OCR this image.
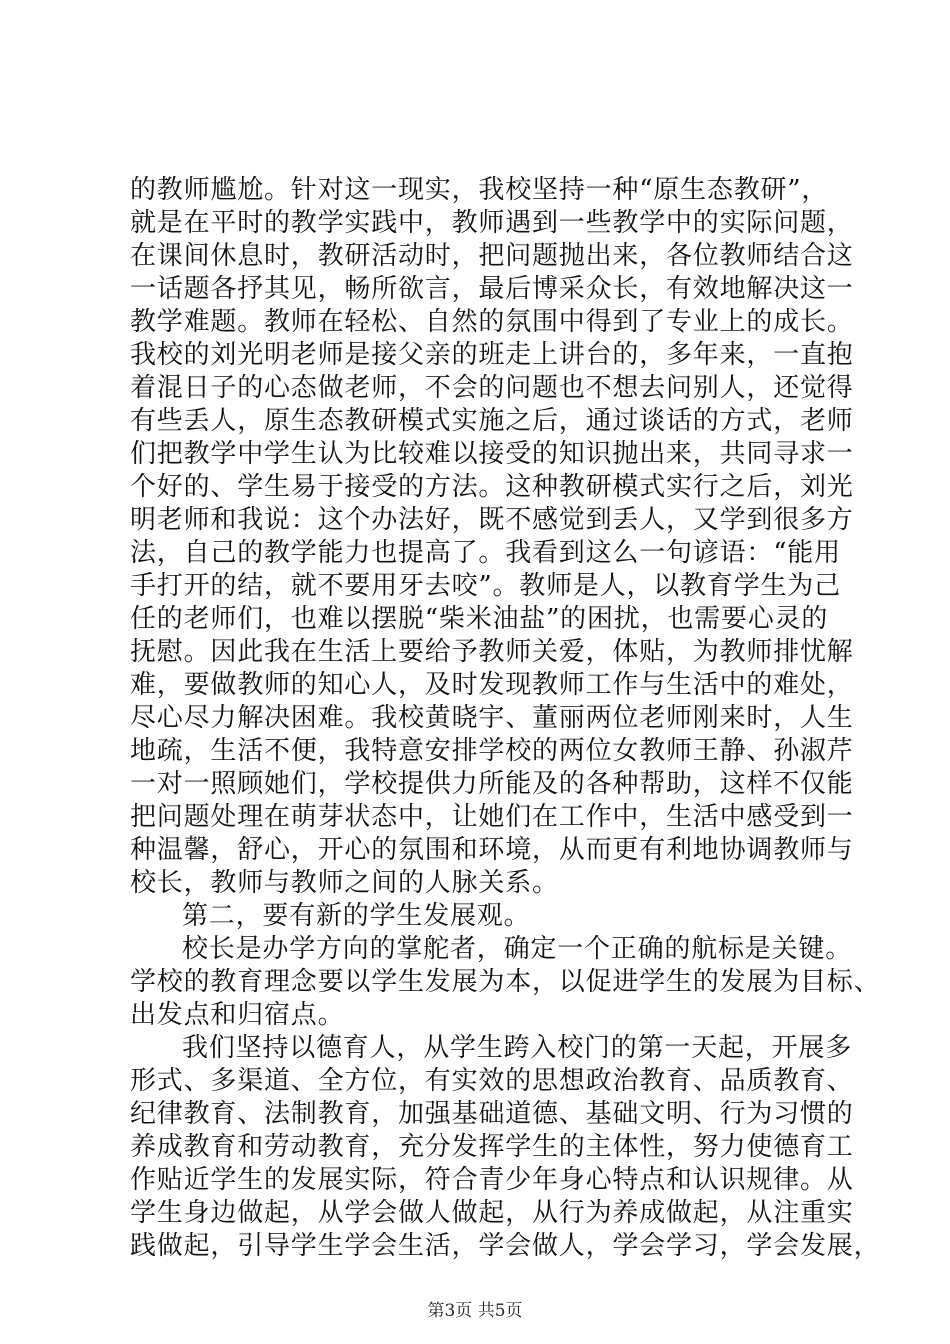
的教师尴尬。针对这一现实，我校坚持一种“原生态教研”，
就是在平时的教学实践中，教师遇到一些教学中的实际问题，
在课间休息时，教研活动时，把问题抛出来，各位教师结合这
一话题各抒其见，畅所欲言，最后博采众长，有效地解决这一
教学难题。教师在轻松、自然的氛围中得到了专业上的成长。
我校的刘光明老师是接父亲的班走上讲台的，多年来，一直抱
着混日子的心态做老师，不会的问题也不想去问别人，还觉得
有些丢人，原生态教研模式实施之后，通过谈话的方式，老师
们把教学中学生认为比较难以接受的知识抛出来，共同寻求一
个好的、学生易于接受的方法。这种教研模式实行之后，刘光
明老师和我说：这个办法好，既不感觉到丢人，又学到很多方
法，自己的教学能力也提高了。我看到这么一句谚语：“能用
手打开的结，就不要用牙去咬”。教师是人，以教育学生为己
任的老师们，也难以摆脱“柴米油盐”的困扰，也需要心灵的
抚慰。因此我在生活上要给予教师关爱，体贴，为教师排忧解
难，要做教师的知心人，及时发现教师工作与生活中的难处，
尽心尽力解决困难。我校黄晓宇、董丽两位老师刚来时，人生
地疏，生活不便，我特意安排学校的两位女教师王静、孙淑芹
一对一照顾她们，学校提供力所能及的各种帮助，这样不仅能
把问题处理在萌芽状态中，让她们在工作中，生活中感受到一
种温馨，舒心，开心的氛围和环境，从而更有利地协调教师与
校长，教师与教师之间的人脉关系。
第二，要有新的学生发展观。
校长是办学方向的掌舵者，确定一个正确的航标是关键。
学校的教育理念要以学生发展为本，以促进学生的发展为目标、
出发点和归宿点。
我们坚持以德育人，从学生跨入校门的第一天起，开展多
形式、多渠道、全方位，有实效的思想政治教育、品质教育、
纪律教育、法制教育，加强基础道德、基础文明、行为习惯的
养成教育和劳动教育，充分发挥学生的主体性，努力使德育工
作贴近学生的发展实际，符合青少年身心特点和认识规律。从
学生身边做起，从学会做人做起，从行为养成做起，从注重实
践做起，引导学生学会生活，学会做人，学会学习，学会发展，
第3页 共5页
